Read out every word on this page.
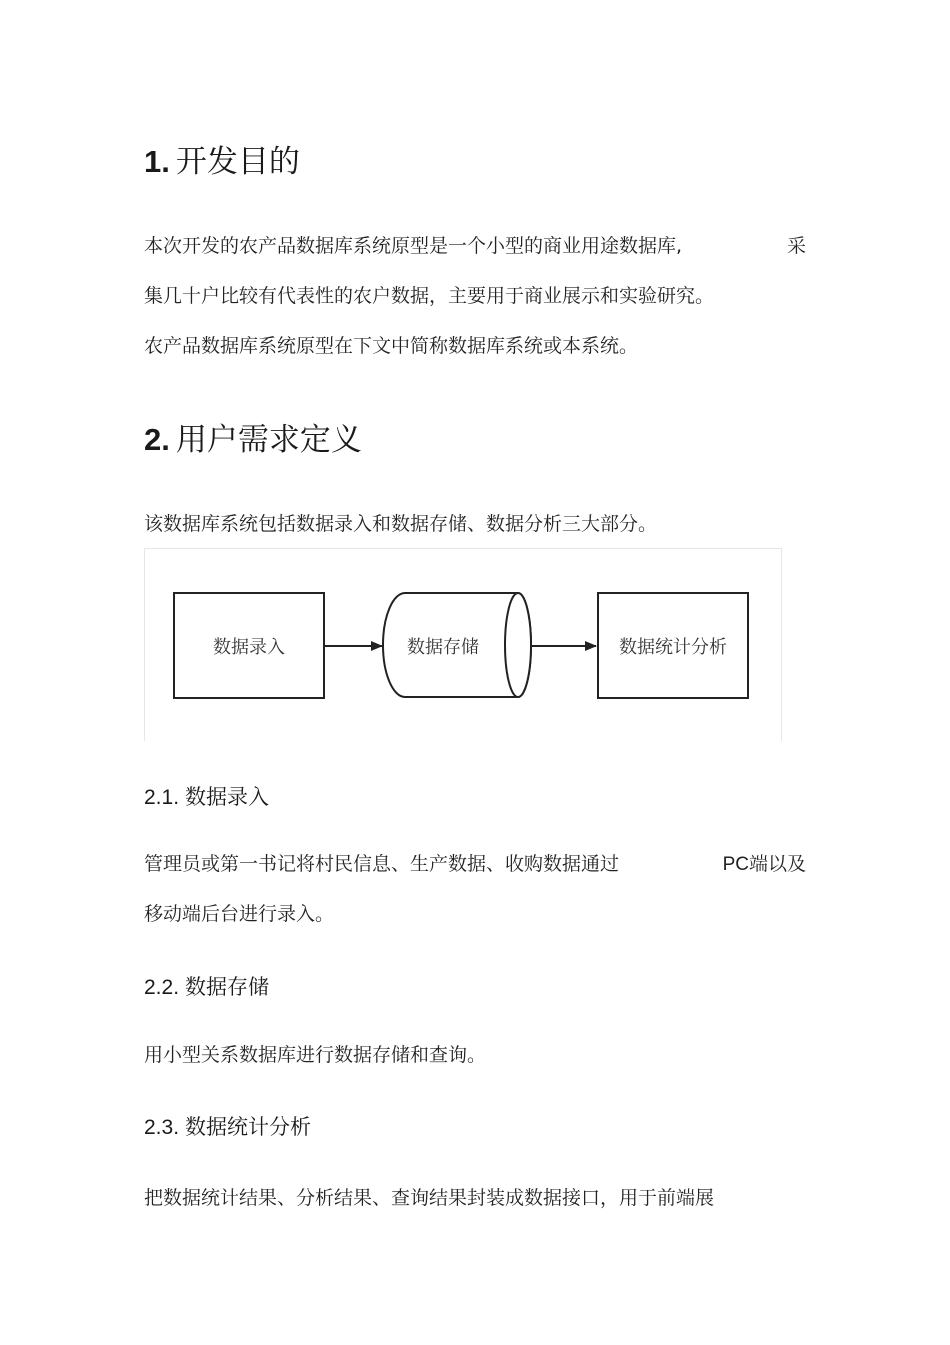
1. 开发目的
本次开发的农产品数据库系统原型是一个小型的商业用途数据库,	采
集几十户比较有代表性的农户数据，主要用于商业展示和实验研究。
农产品数据库系统原型在下文中简称数据库系统或本系统。
2. 用户需求定义
该数据库系统包括数据录入和数据存储、数据分析三大部分。
数据录入	数据存储	数据统计分析
2.1. 数据录入
管理员或第一书记将村民信息、生产数据、收购数据通过	PC端以及
移动端后台进行录入。
2.2. 数据存储
用小型关系数据库进行数据存储和查询。
2.3. 数据统计分析
把数据统计结果、分析结果、查询结果封装成数据接口，用于前端展
